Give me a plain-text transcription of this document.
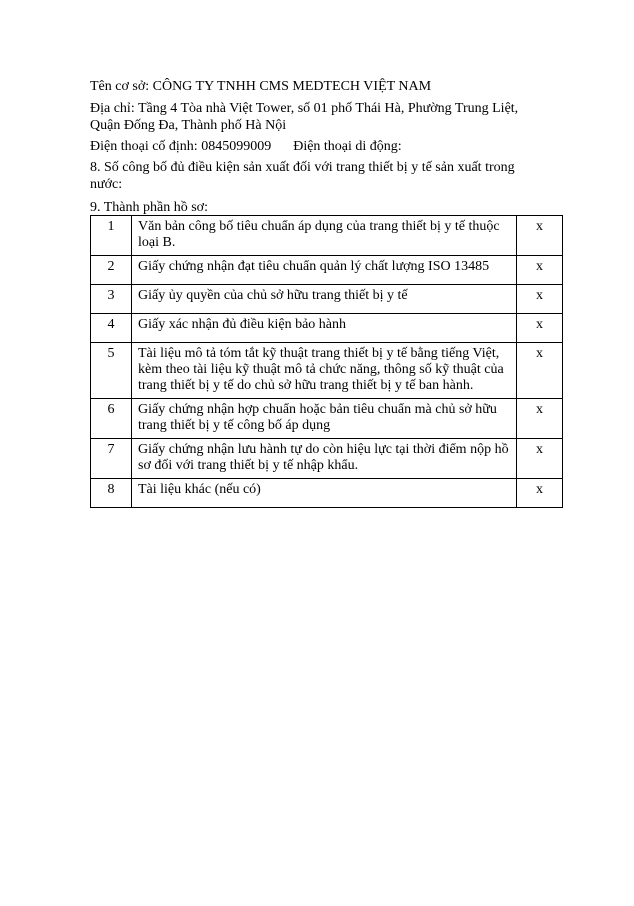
Tên cơ sở: CÔNG TY TNHH CMS MEDTECH VIỆT NAM

Địa chỉ: Tầng 4 Tòa nhà Việt Tower, số 01 phố Thái Hà, Phường Trung Liệt,

Quận Đống Đa, Thành phố Hà Nội

Điện thoại cố định: 0845099009 Điện thoại di động:

8. Số công bố đủ điều kiện sản xuất đối với trang thiết bị y tế sản xuất trong

nước:

9. Thành phần hồ sơ:

1	Văn bản công bố tiêu chuẩn áp dụng của trang thiết bị y tế thuộc loại B.	x
2	Giấy chứng nhận đạt tiêu chuẩn quản lý chất lượng ISO 13485	x
3	Giấy ủy quyền của chủ sở hữu trang thiết bị y tế	x
4	Giấy xác nhận đủ điều kiện bảo hành	x
5	Tài liệu mô tả tóm tắt kỹ thuật trang thiết bị y tế bằng tiếng Việt, kèm theo tài liệu kỹ thuật mô tả chức năng, thông số kỹ thuật của trang thiết bị y tế do chủ sở hữu trang thiết bị y tế ban hành.	x
6	Giấy chứng nhận hợp chuẩn hoặc bản tiêu chuẩn mà chủ sở hữu trang thiết bị y tế công bố áp dụng	x
7	Giấy chứng nhận lưu hành tự do còn hiệu lực tại thời điểm nộp hồ sơ đối với trang thiết bị y tế nhập khẩu.	x
8	Tài liệu khác (nếu có)	x
